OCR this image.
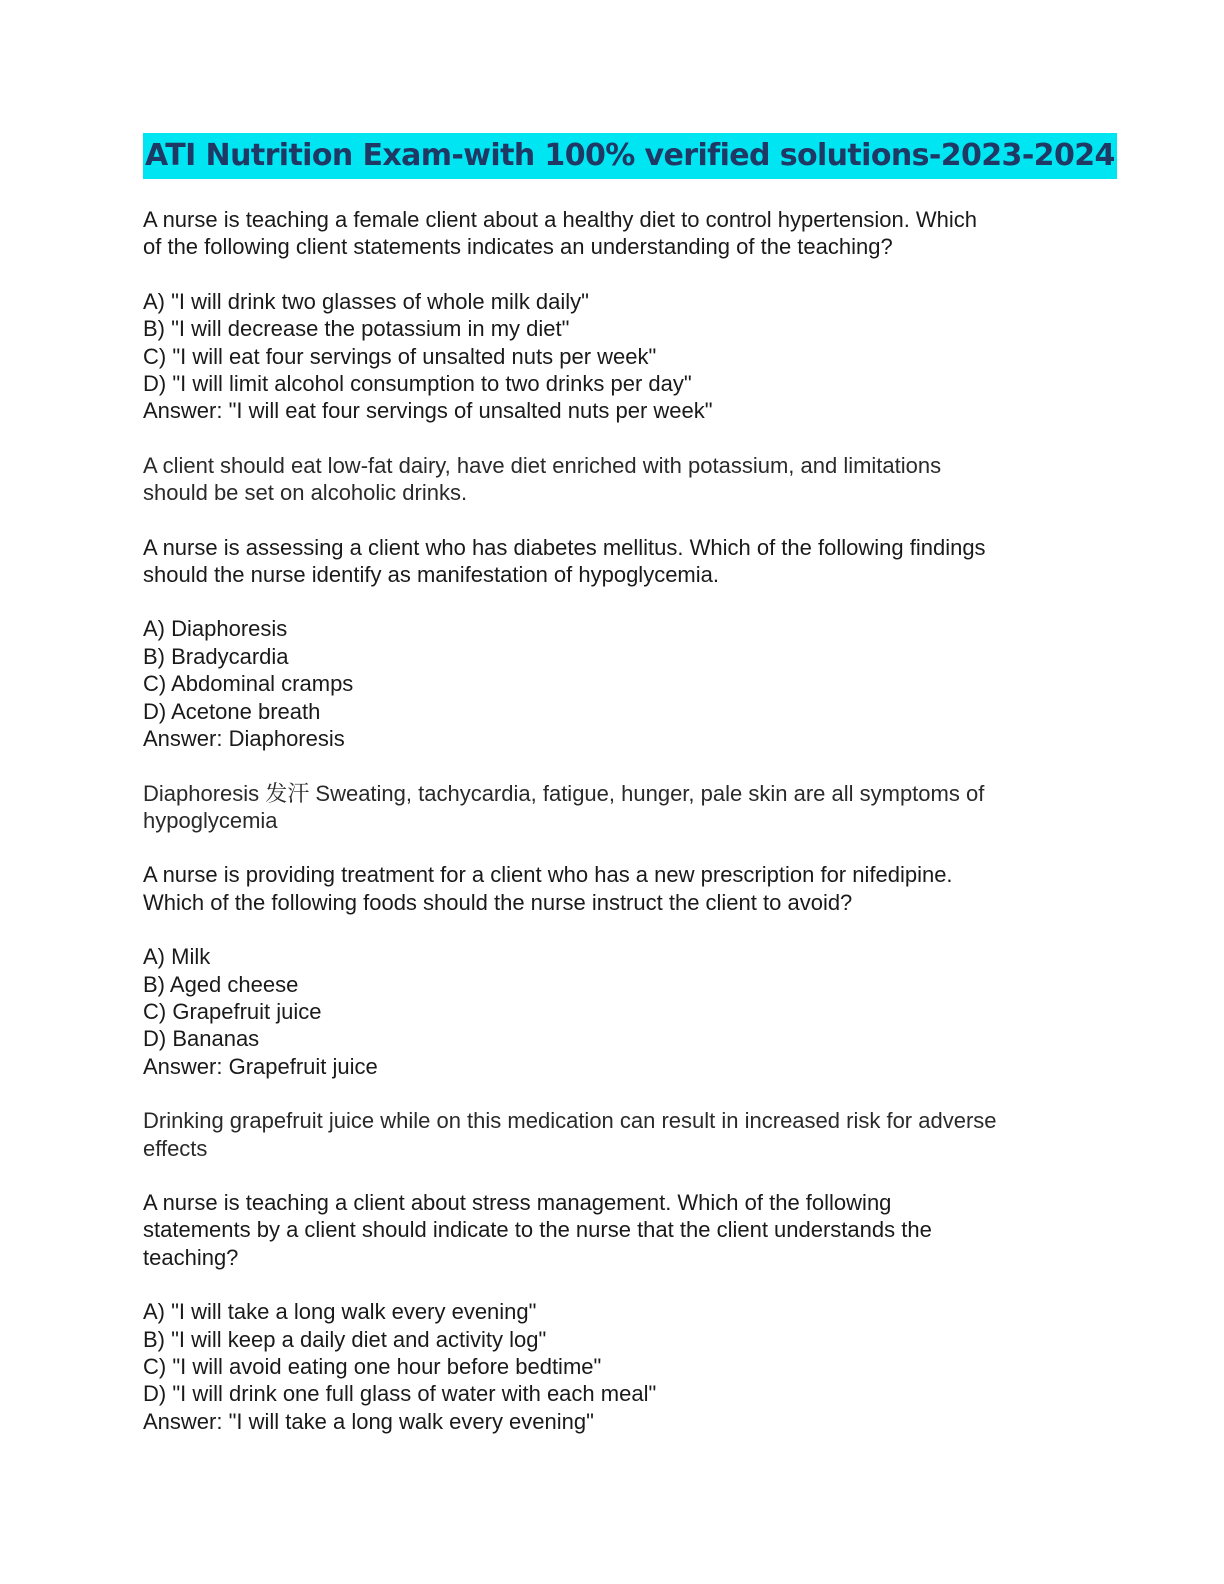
ATI Nutrition Exam-with 100% verified solutions-2023-2024
A nurse is teaching a female client about a healthy diet to control hypertension. Which
of the following client statements indicates an understanding of the teaching?
A) "I will drink two glasses of whole milk daily"
B) "I will decrease the potassium in my diet"
C) "I will eat four servings of unsalted nuts per week"
D) "I will limit alcohol consumption to two drinks per day"
Answer: "I will eat four servings of unsalted nuts per week"
A client should eat low-fat dairy, have diet enriched with potassium, and limitations
should be set on alcoholic drinks.
A nurse is assessing a client who has diabetes mellitus. Which of the following findings
should the nurse identify as manifestation of hypoglycemia.
A) Diaphoresis
B) Bradycardia
C) Abdominal cramps
D) Acetone breath
Answer: Diaphoresis
Diaphoresis 发汗 Sweating, tachycardia, fatigue, hunger, pale skin are all symptoms of
hypoglycemia
A nurse is providing treatment for a client who has a new prescription for nifedipine.
Which of the following foods should the nurse instruct the client to avoid?
A) Milk
B) Aged cheese
C) Grapefruit juice
D) Bananas
Answer: Grapefruit juice
Drinking grapefruit juice while on this medication can result in increased risk for adverse
effects
A nurse is teaching a client about stress management. Which of the following
statements by a client should indicate to the nurse that the client understands the
teaching?
A) "I will take a long walk every evening"
B) "I will keep a daily diet and activity log"
C) "I will avoid eating one hour before bedtime"
D) "I will drink one full glass of water with each meal"
Answer: "I will take a long walk every evening"
